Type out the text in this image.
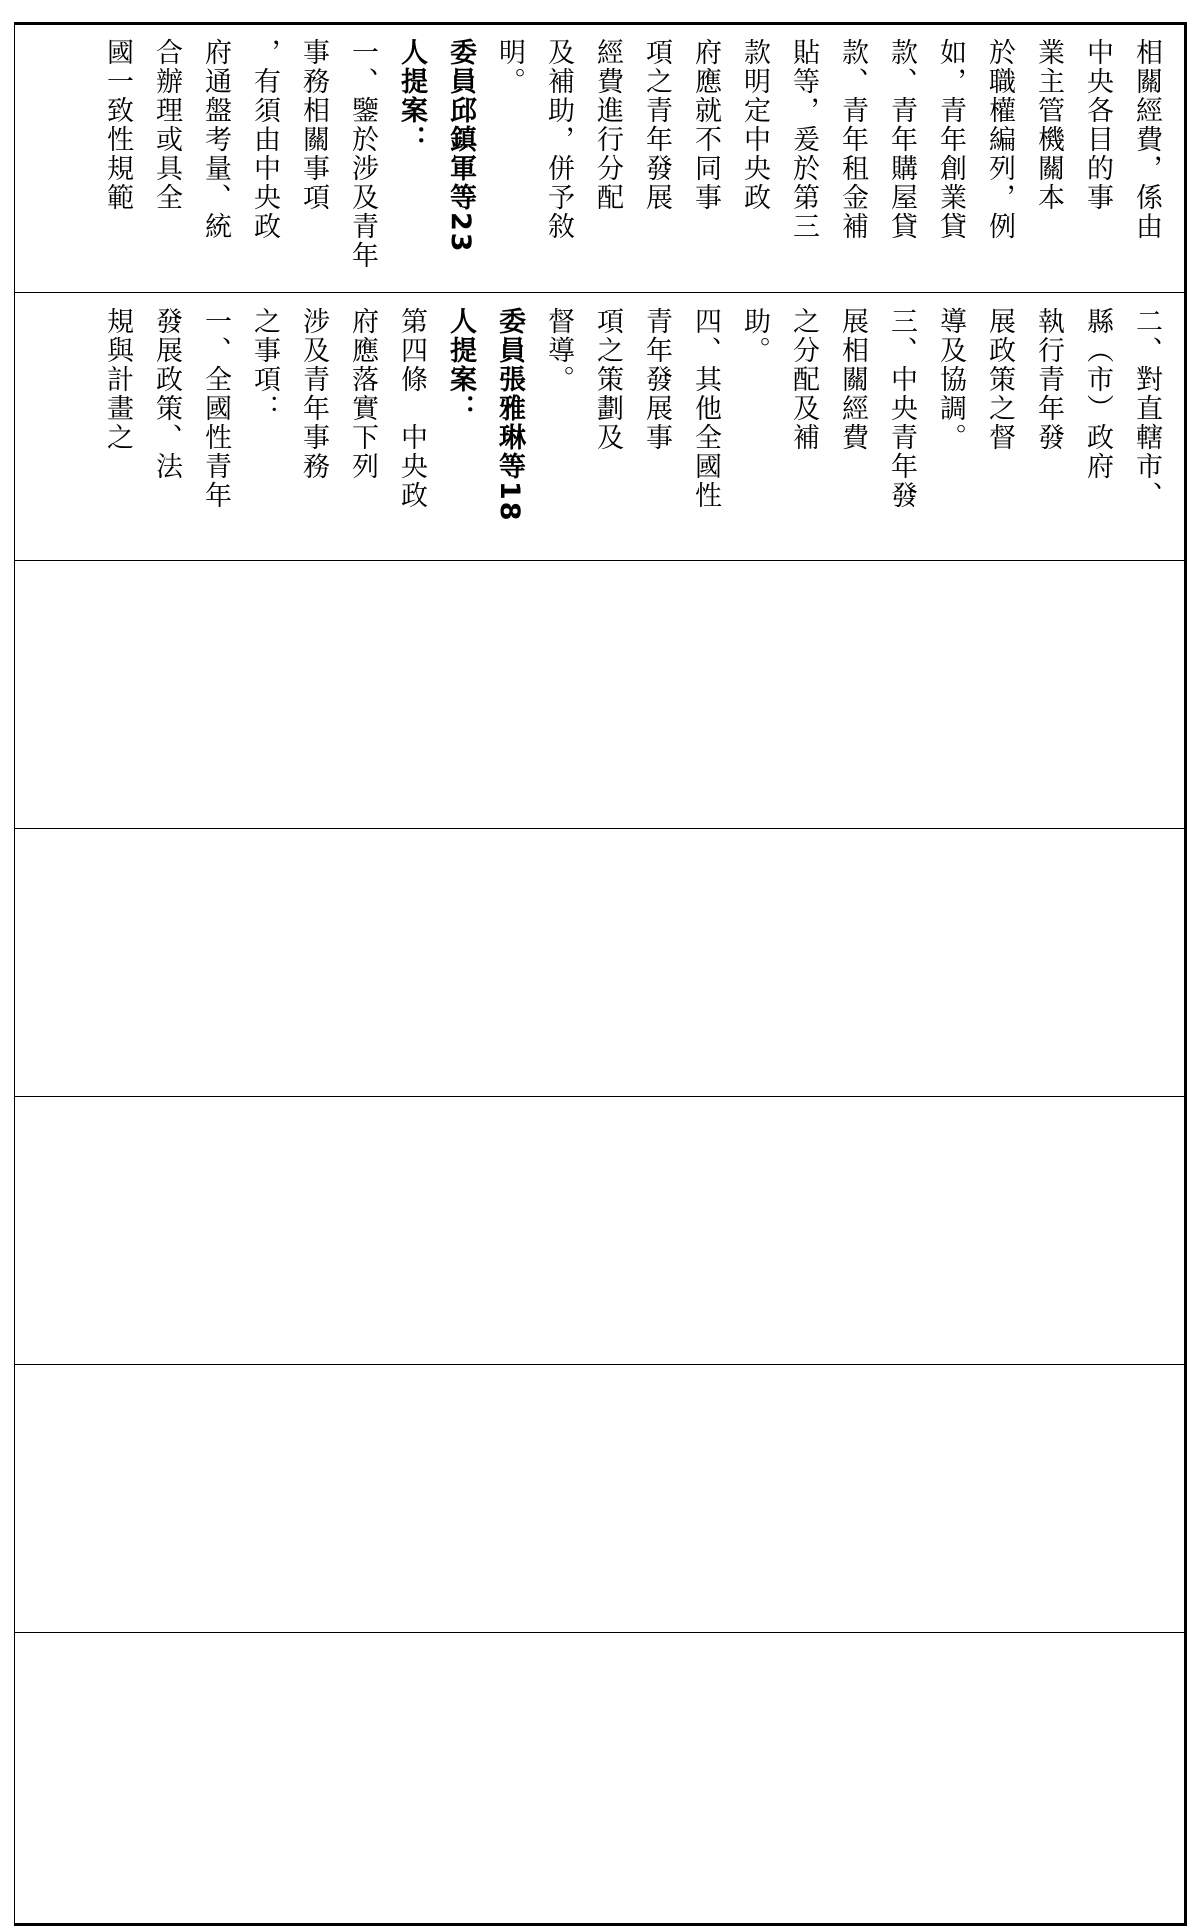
相關經費，係由
中央各目的事
業主管機關本
於職權編列，例
如，青年創業貸
款、青年購屋貸
款、青年租金補
貼等，爰於第三
款明定中央政
府應就不同事
項之青年發展
經費進行分配
及補助，併予敘
明。
委員邱鎮軍等23
人提案：
一、鑒於涉及青年
事務相關事項
，有須由中央政
府通盤考量、統
合辦理或具全
國一致性規範
二、對直轄市、
縣（市）政府
執行青年發
展政策之督
導及協調。
三、中央青年發
展相關經費
之分配及補
助。
四、其他全國性
青年發展事
項之策劃及
督導。
委員張雅琳等18
人提案：
第四條　中央政
府應落實下列
涉及青年事務
之事項：
一、全國性青年
發展政策、法
規與計畫之
